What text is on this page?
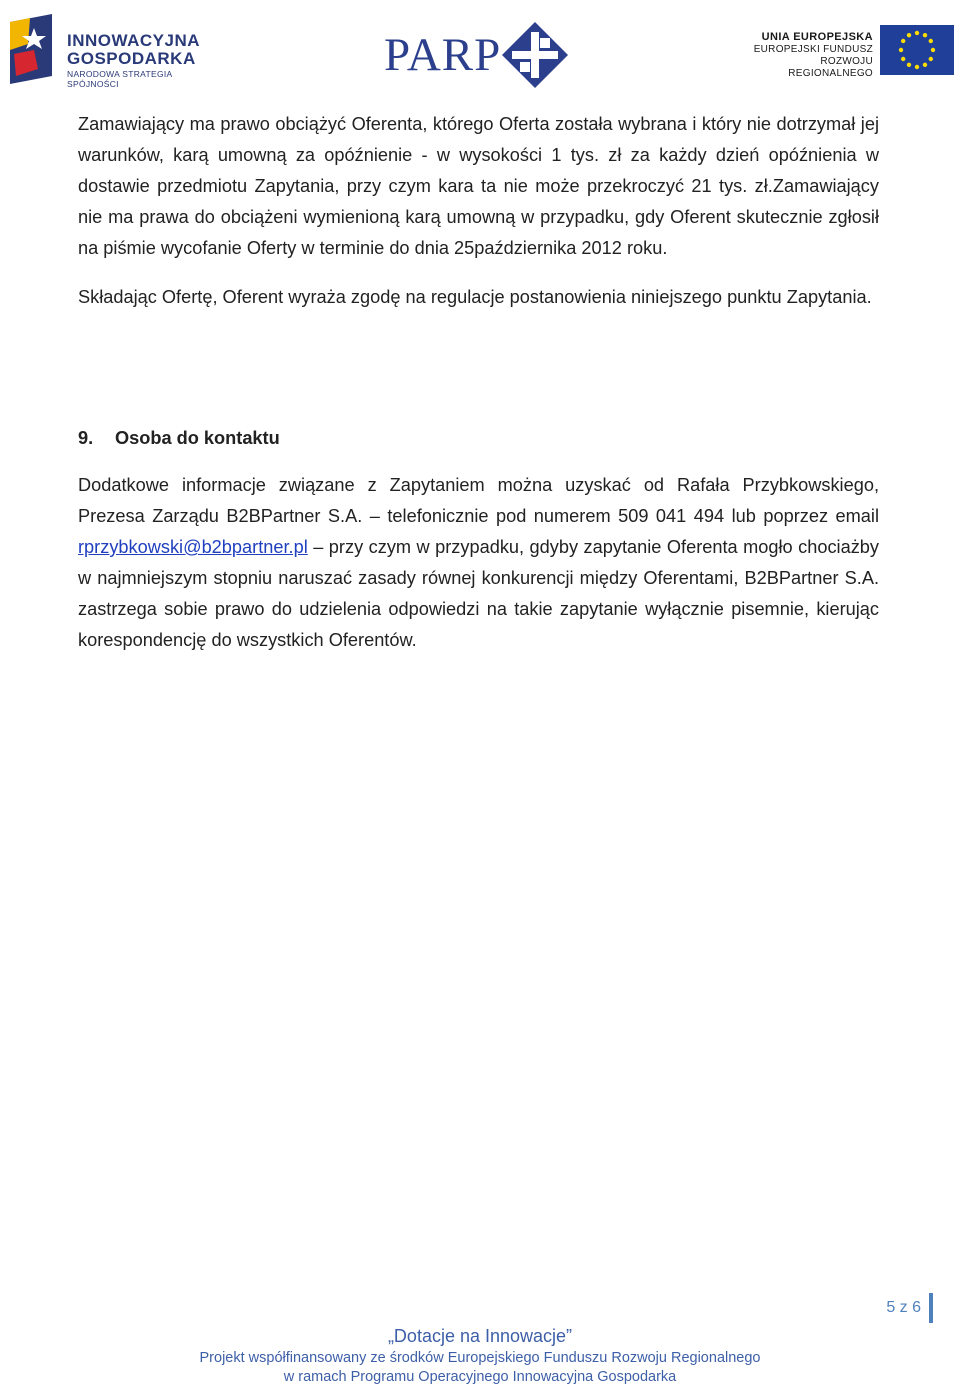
INNOWACYJNA
GOSPODARKA
NARODOWA STRATEGIA SPÓJNOŚCI
PARP	UNIA EUROPEJSKA
EUROPEJSKI FUNDUSZ
ROZWOJU REGIONALNEGO

Zamawiający ma prawo obciążyć Oferenta, którego Oferta została wybrana i który nie dotrzymał jej warunków, karą umowną za opóźnienie - w wysokości 1 tys. zł za każdy dzień opóźnienia w dostawie przedmiotu Zapytania, przy czym kara ta nie może przekroczyć 21 tys. zł.Zamawiający nie ma prawa do obciążeni wymienioną karą umowną w przypadku, gdy Oferent skutecznie zgłosił na piśmie wycofanie Oferty w terminie do dnia 25października 2012 roku.

Składając Ofertę, Oferent wyraża zgodę na regulacje postanowienia niniejszego punktu Zapytania.

9. Osoba do kontaktu

Dodatkowe informacje związane z Zapytaniem można uzyskać od Rafała Przybkowskiego, Prezesa Zarządu B2BPartner S.A. – telefonicznie pod numerem 509 041 494 lub poprzez email rprzybkowski@b2bpartner.pl – przy czym w przypadku, gdyby zapytanie Oferenta mogło chociażby w najmniejszym stopniu naruszać zasady równej konkurencji między Oferentami, B2BPartner S.A. zastrzega sobie prawo do udzielenia odpowiedzi na takie zapytanie wyłącznie pisemnie, kierując korespondencję do wszystkich Oferentów.

5 z 6
„Dotacje na Innowacje”
Projekt współfinansowany ze środków Europejskiego Funduszu Rozwoju Regionalnego
w ramach Programu Operacyjnego Innowacyjna Gospodarka
